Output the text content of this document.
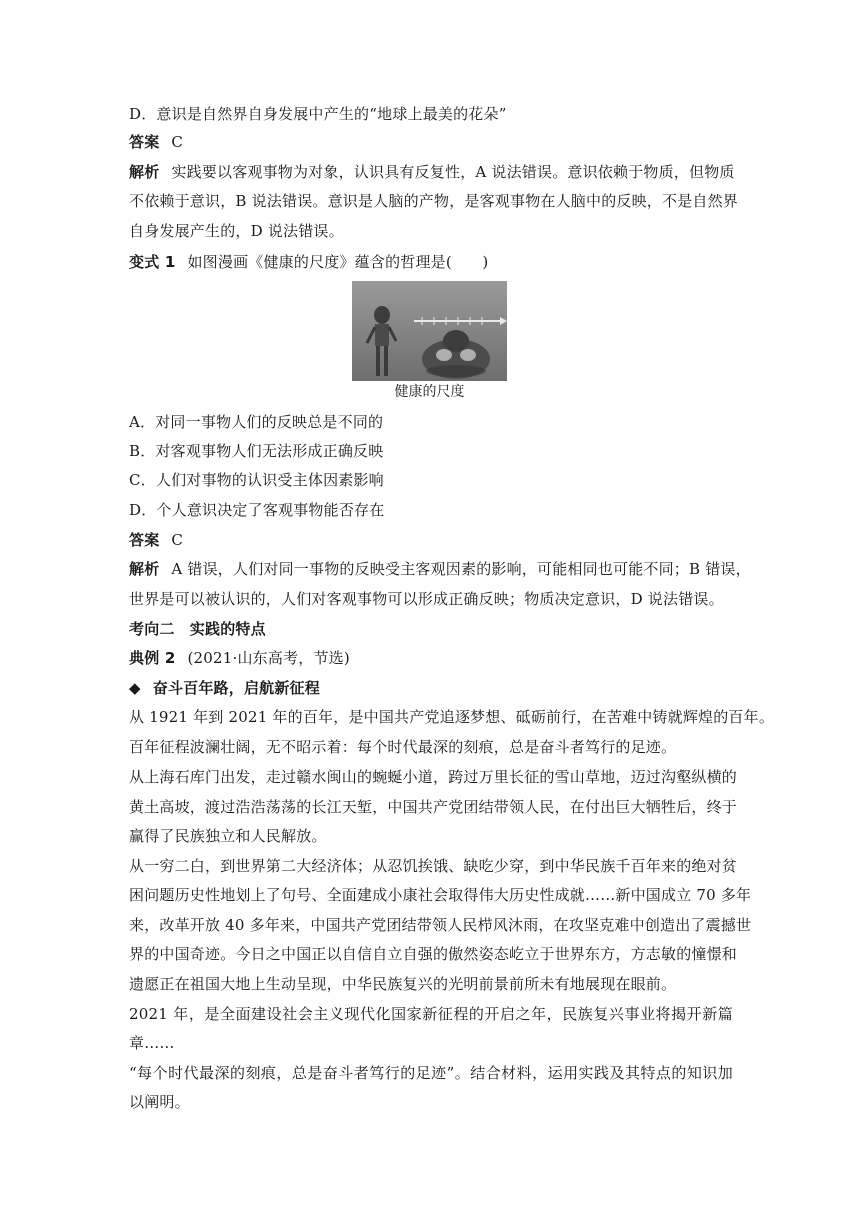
D．意识是自然界自身发展中产生的“地球上最美的花朵”
答案 C
解析 实践要以客观事物为对象，认识具有反复性，A 说法错误。意识依赖于物质，但物质
不依赖于意识，B 说法错误。意识是人脑的产物，是客观事物在人脑中的反映，不是自然界
自身发展产生的，D 说法错误。
变式 1 如图漫画《健康的尺度》蕴含的哲理是(　　)
健康的尺度
A．对同一事物人们的反映总是不同的
B．对客观事物人们无法形成正确反映
C．人们对事物的认识受主体因素影响
D．个人意识决定了客观事物能否存在
答案 C
解析 A 错误，人们对同一事物的反映受主客观因素的影响，可能相同也可能不同；B 错误，
世界是可以被认识的，人们对客观事物可以形成正确反映；物质决定意识，D 说法错误。
考向二　实践的特点
典例 2 (2021·山东高考，节选)
◆ 奋斗百年路，启航新征程
从 1921 年到 2021 年的百年，是中国共产党追逐梦想、砥砺前行，在苦难中铸就辉煌的百年。
百年征程波澜壮阔，无不昭示着：每个时代最深的刻痕，总是奋斗者笃行的足迹。
从上海石库门出发，走过赣水闽山的蜿蜒小道，跨过万里长征的雪山草地，迈过沟壑纵横的
黄土高坡，渡过浩浩荡荡的长江天堑，中国共产党团结带领人民，在付出巨大牺牲后，终于
赢得了民族独立和人民解放。
从一穷二白，到世界第二大经济体；从忍饥挨饿、缺吃少穿，到中华民族千百年来的绝对贫
困问题历史性地划上了句号、全面建成小康社会取得伟大历史性成就……新中国成立 70 多年
来，改革开放 40 多年来，中国共产党团结带领人民栉风沐雨，在攻坚克难中创造出了震撼世
界的中国奇迹。今日之中国正以自信自立自强的傲然姿态屹立于世界东方，方志敏的憧憬和
遗愿正在祖国大地上生动呈现，中华民族复兴的光明前景前所未有地展现在眼前。
2021 年，是全面建设社会主义现代化国家新征程的开启之年，民族复兴事业将揭开新篇
章……
“每个时代最深的刻痕，总是奋斗者笃行的足迹”。结合材料，运用实践及其特点的知识加
以阐明。
